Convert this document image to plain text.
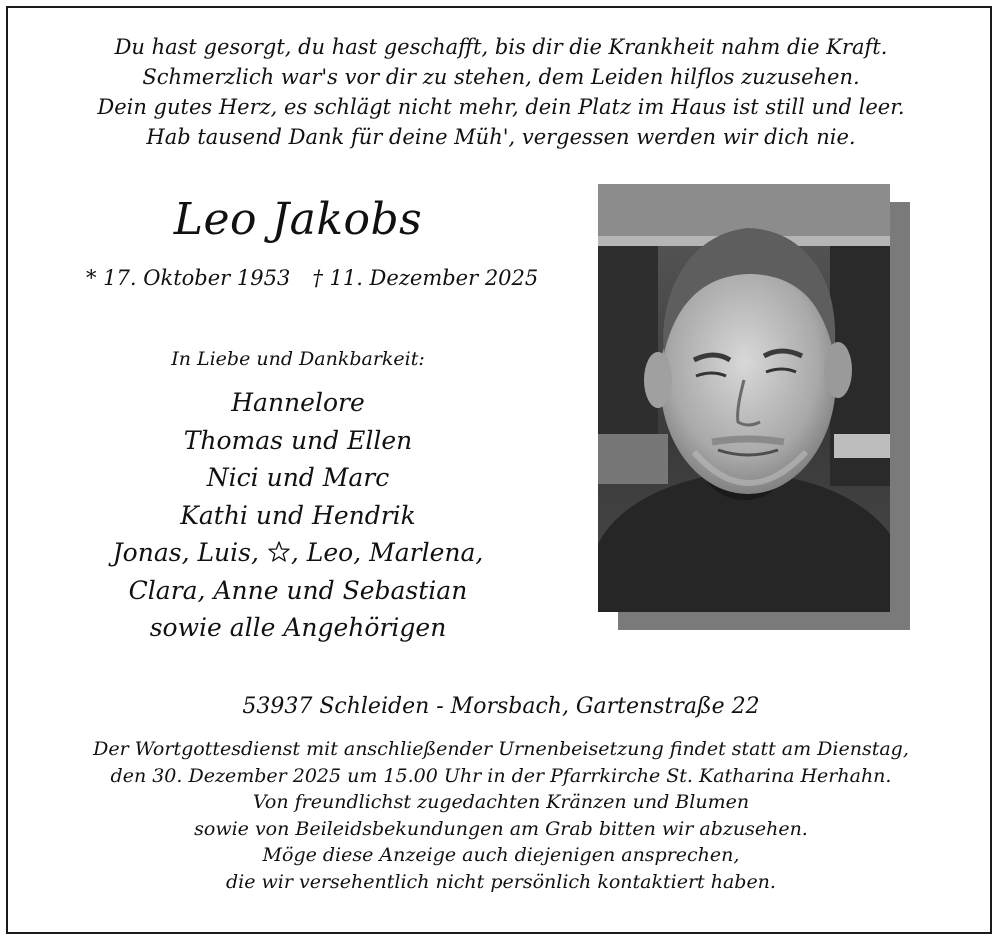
Du hast gesorgt, du hast geschafft, bis dir die Krankheit nahm die Kraft.
Schmerzlich war's vor dir zu stehen, dem Leiden hilflos zuzusehen.
Dein gutes Herz, es schlägt nicht mehr, dein Platz im Haus ist still und leer.
Hab tausend Dank für deine Müh', vergessen werden wir dich nie.
Leo Jakobs
* 17. Oktober 1953 † 11. Dezember 2025
In Liebe und Dankbarkeit:
Hannelore
Thomas und Ellen
Nici und Marc
Kathi und Hendrik
Jonas, Luis, , Leo, Marlena,
Clara, Anne und Sebastian
sowie alle Angehörigen
53937 Schleiden - Morsbach, Gartenstraße 22
Der Wortgottesdienst mit anschließender Urnenbeisetzung findet statt am Dienstag,
den 30. Dezember 2025 um 15.00 Uhr in der Pfarrkirche St. Katharina Herhahn.
Von freundlichst zugedachten Kränzen und Blumen
sowie von Beileidsbekundungen am Grab bitten wir abzusehen.
Möge diese Anzeige auch diejenigen ansprechen,
die wir versehentlich nicht persönlich kontaktiert haben.
